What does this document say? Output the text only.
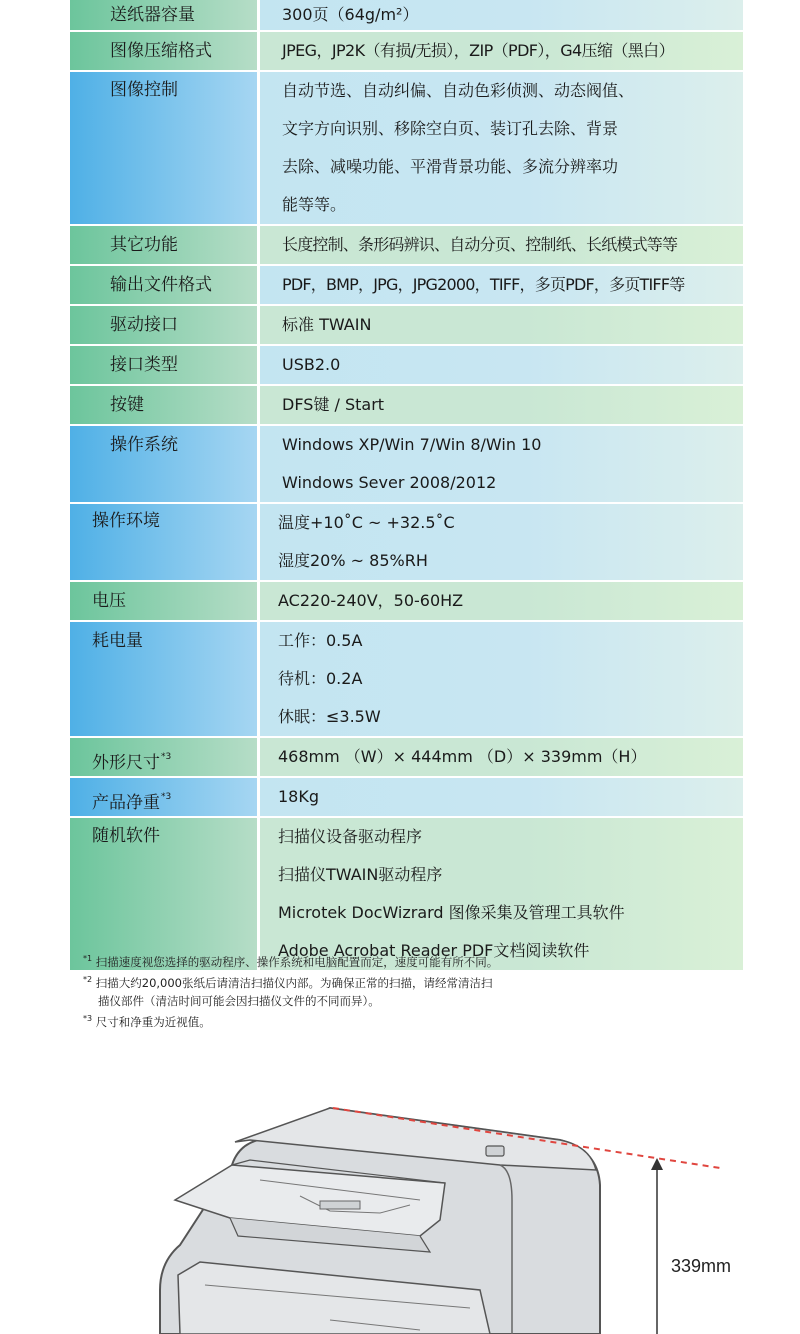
送纸器容量	300页（64g/m²）
图像压缩格式	JPEG，JP2K（有损/无损），ZIP（PDF），G4压缩（黑白）
图像控制	自动节选、自动纠偏、自动色彩侦测、动态阀值、
文字方向识别、移除空白页、装订孔去除、背景
去除、减噪功能、平滑背景功能、多流分辨率功
能等等。
其它功能	长度控制、条形码辨识、自动分页、控制纸、长纸模式等等
输出文件格式	PDF，BMP，JPG，JPG2000，TIFF，多页PDF，多页TIFF等
驱动接口	标准 TWAIN
接口类型	USB2.0
按键	DFS键 / Start
操作系统	Windows XP/Win 7/Win 8/Win 10
Windows Sever 2008/2012
操作环境	温度+10˚C ~ +32.5˚C
湿度20% ~ 85%RH
电压	AC220-240V，50-60HZ
耗电量	工作：0.5A
待机：0.2A
休眠：≤3.5W
外形尺寸$^{*3}$	468mm （W）× 444mm （D）× 339mm（H）
产品净重$^{*3}$	18Kg
随机软件	扫描仪设备驱动程序
扫描仪TWAIN驱动程序
Microtek DocWizrard 图像采集及管理工具软件
Adobe Acrobat Reader PDF文档阅读软件
$^{*1}$ 扫描速度视您选择的驱动程序、操作系统和电脑配置而定，速度可能有所不同。
$^{*2}$ 扫描大约20,000张纸后请清洁扫描仪内部。为确保正常的扫描，请经常清洁扫
描仪部件（清洁时间可能会因扫描仪文件的不同而异）。
$^{*3}$ 尺寸和净重为近视值。
339mm
